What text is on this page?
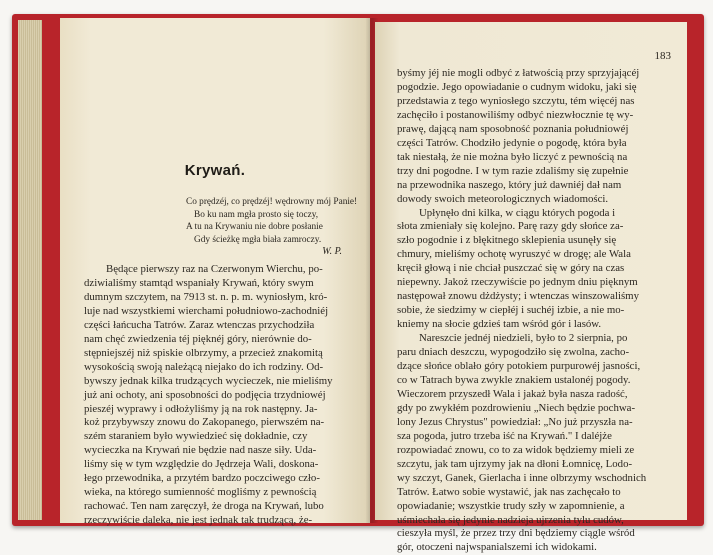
Krywań.
Co prędzéj, co prędzéj! wędrowny mój Panie!
Bo ku nam mgła prosto się toczy,
A tu na Krywaniu nie dobre posłanie
Gdy ścieżkę mgła biała zamroczy.
W. P.
Będące pierwszy raz na Czerwonym Wierchu, po-
dziwialiśmy stamtąd wspaniały Krywań, który swym
dumnym szczytem, na 7913 st. n. p. m. wyniosłym, kró-
luje nad wszystkiemi wierchami południowo-zachodniéj
części łańcucha Tatrów. Zaraz wtenczas przychodziła
nam chęć zwiedzenia téj pięknéj góry, nierównie do-
stępniejszéj niż spiskie olbrzymy, a przecież znakomitą
wysokością swoją należącą niejako do ich rodziny. Od-
bywszy jednak kilka trudzących wycieczek, nie mieliśmy
już ani ochoty, ani sposobności do podjęcia trzydniowéj
pieszéj wyprawy i odłożyliśmy ją na rok następny. Ja-
koż przybywszy znowu do Zakopanego, pierwszém na-
szém staraniem było wywiedzieć się dokładnie, czy
wycieczka na Krywań nie będzie nad nasze siły. Uda-
liśmy się w tym względzie do Jędrzeja Wali, doskona-
łego przewodnika, a przytém bardzo poczciwego czło-
wieka, na którego sumienność mogliśmy z pewnością
rachować. Ten nam zaręczył, że droga na Krywań, lubo
rzeczywiście daleka, nie jest jednak tak trudzącą, że-
183
byśmy jéj nie mogli odbyć z łatwością przy sprzyjającéj
pogodzie. Jego opowiadanie o cudnym widoku, jaki się
przedstawia z tego wyniosłego szczytu, tém więcéj nas
zachęciło i postanowiliśmy odbyć niezwłocznie tę wy-
prawę, dającą nam sposobność poznania południowéj
części Tatrów. Chodziło jedynie o pogodę, która była
tak niestałą, że nie można było liczyć z pewnością na
trzy dni pogodne. I w tym razie zdaliśmy się zupełnie
na przewodnika naszego, który już dawniéj dał nam
dowody swoich meteorologicznych wiadomości.
Upłynęło dni kilka, w ciągu których pogoda i
słota zmieniały się kolejno. Parę razy gdy słońce za-
szło pogodnie i z błękitnego sklepienia usunęły się
chmury, mieliśmy ochotę wyruszyć w drogę; ale Wala
kręcił głową i nie chciał puszczać się w góry na czas
niepewny. Jakoż rzeczywiście po jednym dniu pięknym
następował znowu dżdżysty; i wtenczas winszowaliśmy
sobie, że siedzimy w ciepłéj i suchéj izbie, a nie mo-
kniemy na słocie gdzieś tam wśród gór i lasów.
Nareszcie jednéj niedzieli, było to 2 sierpnia, po
paru dniach deszczu, wypogodziło się zwolna, zacho-
dzące słońce oblało góry potokiem purpurowéj jasności,
co w Tatrach bywa zwykle znakiem ustalonéj pogody.
Wieczorem przyszedł Wala i jakaż była nasza radość,
gdy po zwykłém pozdrowieniu „Niech będzie pochwa-
lony Jezus Chrystus" powiedział: „No już przyszła na-
sza pogoda, jutro trzeba iść na Krywań." I daléjże
rozpowiadać znowu, co to za widok będziemy mieli ze
szczytu, jak tam ujrzymy jak na dłoni Łomnicę, Lodo-
wy szczyt, Ganek, Gierlacha i inne olbrzymy wschodnich
Tatrów. Łatwo sobie wystawić, jak nas zachęcało to
opowiadanie; wszystkie trudy szły w zapomnienie, a
uśmiechała się jedynie nadzieja ujrzenia tylu cudów,
cieszyła myśl, że przez trzy dni będziemy ciągle wśród
gór, otoczeni najwspanialszemi ich widokami.
